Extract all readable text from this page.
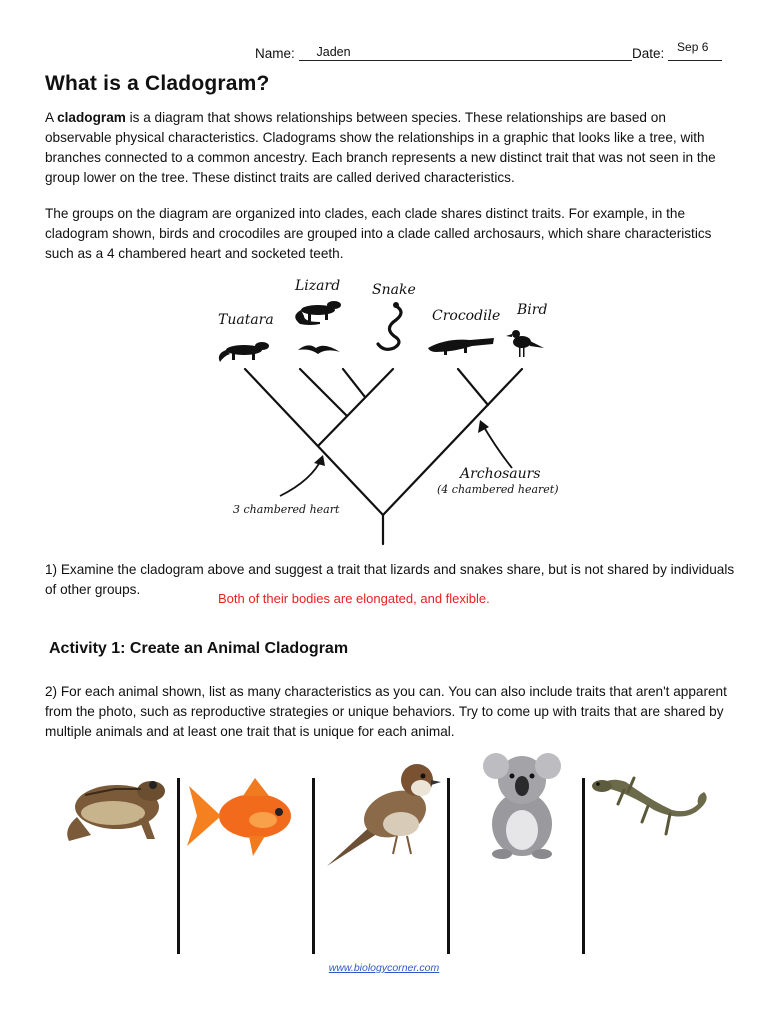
Name: Jaden	Date: Sep 6
What is a Cladogram?

A cladogram is a diagram that shows relationships between species. These relationships are based on observable physical characteristics. Cladograms show the relationships in a graphic that looks like a tree, with branches connected to a common ancestry. Each branch represents a new distinct trait that was not seen in the group lower on the tree. These distinct traits are called derived characteristics.

The groups on the diagram are organized into clades, each clade shares distinct traits. For example, in the cladogram shown, birds and crocodiles are grouped into a clade called archosaurs, which share characteristics such as a 4 chambered heart and socketed teeth.

Tuatara
Lizard Snake
Crocodile Bird
Archosaurs
(4 chambered hearet)
3 chambered heart

1) Examine the cladogram above and suggest a trait that lizards and snakes share, but is not shared by individuals of other groups.

Both of their bodies are elongated, and flexible.
Activity 1: Create an Animal Cladogram

2) For each animal shown, list as many characteristics as you can. You can also include traits that aren't apparent from the photo, such as reproductive strategies or unique behaviors. Try to come up with traits that are shared by multiple animals and at least one trait that is unique for each animal.

www.biologycorner.com
